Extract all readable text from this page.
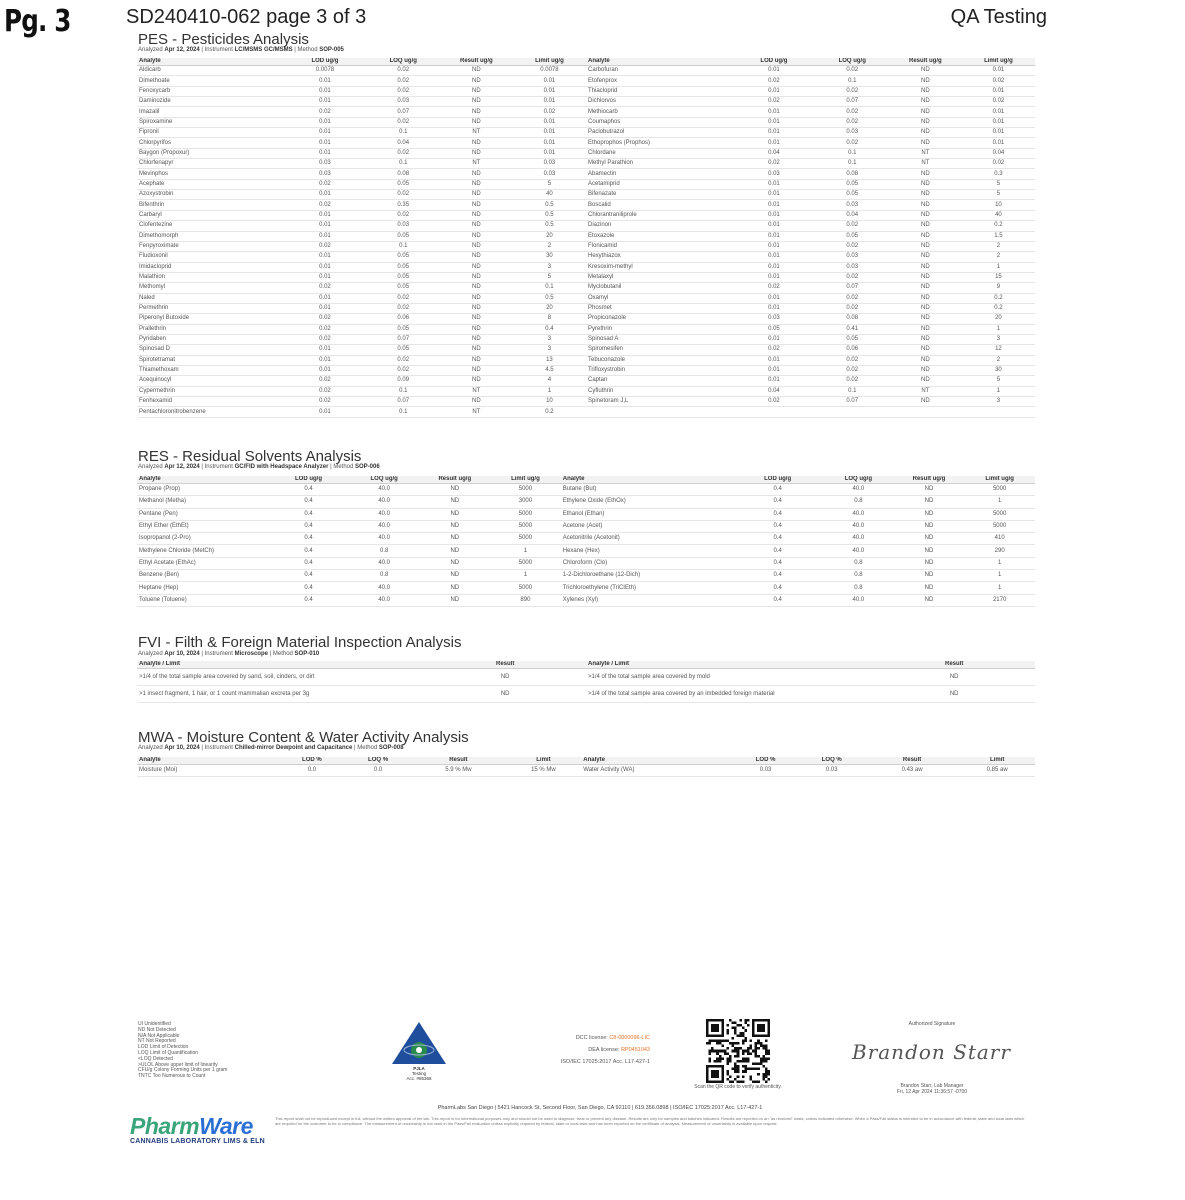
Pg. 3	SD240410-062 page 3 of 3	QA Testing
PES - Pesticides Analysis
Analyzed Apr 12, 2024 | Instrument LC/MSMS GC/MSMS | Method SOP-005
Analyte	LOD ug/g	LOQ ug/g	Result ug/g	Limit ug/g	Analyte	LOD ug/g	LOQ ug/g	Result ug/g	Limit ug/g
Aldicarb	0.0078	0.02	ND	0.0078	Carbofuran	0.01	0.02	ND	0.01
Dimethoate	0.01	0.02	ND	0.01	Etofenprox	0.02	0.1	ND	0.02
Fenoxycarb	0.01	0.02	ND	0.01	Thiacloprid	0.01	0.02	ND	0.01
Daminozide	0.01	0.03	ND	0.01	Dichlorvos	0.02	0.07	ND	0.02
Imazalil	0.02	0.07	ND	0.02	Methiocarb	0.01	0.02	ND	0.01
Spiroxamine	0.01	0.02	ND	0.01	Coumaphos	0.01	0.02	ND	0.01
Fipronil	0.01	0.1	NT	0.01	Paclobutrazol	0.01	0.03	ND	0.01
Chlorpyrifos	0.01	0.04	ND	0.01	Ethoprophos (Prophos)	0.01	0.02	ND	0.01
Baygon (Propoxur)	0.01	0.02	ND	0.01	Chlordane	0.04	0.1	NT	0.04
Chlorfenapyr	0.03	0.1	NT	0.03	Methyl Parathion	0.02	0.1	NT	0.02
Mevinphos	0.03	0.08	ND	0.03	Abamectin	0.03	0.08	ND	0.3
Acephate	0.02	0.05	ND	5	Acetamiprid	0.01	0.05	ND	5
Azoxystrobin	0.01	0.02	ND	40	Bifenazate	0.01	0.05	ND	5
Bifenthrin	0.02	0.35	ND	0.5	Boscalid	0.01	0.03	ND	10
Carbaryl	0.01	0.02	ND	0.5	Chlorantraniliprole	0.01	0.04	ND	40
Clofentezine	0.01	0.03	ND	0.5	Diazinon	0.01	0.02	ND	0.2
Dimethomorph	0.01	0.05	ND	20	Etoxazole	0.01	0.05	ND	1.5
Fenpyroximate	0.02	0.1	ND	2	Flonicamid	0.01	0.02	ND	2
Fludioxonil	0.01	0.05	ND	30	Hexythiazox	0.01	0.03	ND	2
Imidacloprid	0.01	0.05	ND	3	Kresoxim-methyl	0.01	0.03	ND	1
Malathion	0.01	0.05	ND	5	Metalaxyl	0.01	0.02	ND	15
Methomyl	0.02	0.05	ND	0.1	Myclobutanil	0.02	0.07	ND	9
Naled	0.01	0.02	ND	0.5	Oxamyl	0.01	0.02	ND	0.2
Permethrin	0.01	0.02	ND	20	Phosmet	0.01	0.02	ND	0.2
Piperonyl Butoxide	0.02	0.06	ND	8	Propiconazole	0.03	0.08	ND	20
Prallethrin	0.02	0.05	ND	0.4	Pyrethrin	0.05	0.41	ND	1
Pyridaben	0.02	0.07	ND	3	Spinosad A	0.01	0.05	ND	3
Spinosad D	0.01	0.05	ND	3	Spiromesifen	0.02	0.06	ND	12
Spirotetramat	0.01	0.02	ND	13	Tebuconazole	0.01	0.02	ND	2
Thiamethoxam	0.01	0.02	ND	4.5	Trifloxystrobin	0.01	0.02	ND	30
Acequinocyl	0.02	0.09	ND	4	Captan	0.01	0.02	ND	5
Cypermethrin	0.02	0.1	NT	1	Cyfluthrin	0.04	0.1	NT	1
Fenhexamid	0.02	0.07	ND	10	Spinetoram J,L	0.02	0.07	ND	3
Pentachloronitrobenzene	0.01	0.1	NT	0.2					
RES - Residual Solvents Analysis
Analyzed Apr 12, 2024 | Instrument GC/FID with Headspace Analyzer | Method SOP-006
Analyte	LOD ug/g	LOQ ug/g	Result ug/g	Limit ug/g	Analyte	LOD ug/g	LOQ ug/g	Result ug/g	Limit ug/g
Propane (Prop)	0.4	40.0	ND	5000	Butane (But)	0.4	40.0	ND	5000
Methanol (Metha)	0.4	40.0	ND	3000	Ethylene Oxide (EthOx)	0.4	0.8	ND	1
Pentane (Pen)	0.4	40.0	ND	5000	Ethanol (Ethan)	0.4	40.0	ND	5000
Ethyl Ether (EthEt)	0.4	40.0	ND	5000	Acetone (Acet)	0.4	40.0	ND	5000
Isopropanol (2-Pro)	0.4	40.0	ND	5000	Acetonitrile (Acetonit)	0.4	40.0	ND	410
Methylene Chloride (MetCh)	0.4	0.8	ND	1	Hexane (Hex)	0.4	40.0	ND	290
Ethyl Acetate (EthAc)	0.4	40.0	ND	5000	Chloroform (Clo)	0.4	0.8	ND	1
Benzene (Ben)	0.4	0.8	ND	1	1-2-Dichloroethane (12-Dich)	0.4	0.8	ND	1
Heptane (Hep)	0.4	40.0	ND	5000	Trichloroethylene (TriCIEth)	0.4	0.8	ND	1
Toluene (Toluene)	0.4	40.0	ND	890	Xylenes (Xyl)	0.4	40.0	ND	2170
FVI - Filth & Foreign Material Inspection Analysis
Analyzed Apr 10, 2024 | Instrument Microscope | Method SOP-010
Analyte / Limit	Result	Analyte / Limit	Result
>1/4 of the total sample area covered by sand, soil, cinders, or dirt	ND	>1/4 of the total sample area covered by mold	ND
>1 insect fragment, 1 hair, or 1 count mammalian excreta per 3g	ND	>1/4 of the total sample area covered by an imbedded foreign material	ND
MWA - Moisture Content & Water Activity Analysis
Analyzed Apr 10, 2024 | Instrument Chilled-mirror Dewpoint and Capacitance | Method SOP-008
Analyte	LOD %	LOQ %	Result	Limit	Analyte	LOD %	LOQ %	Result	Limit
Moisture (Moi)	0.0	0.0	5.9 % Mw	15 % Mw	Water Activity (WA)	0.03	0.03	0.43 aw	0.85 aw
UI Unidentified
ND Not Detected
N/A Not Applicable
NT Not Reported
LOD Limit of Detection
LOQ Limit of Quantification
<LOQ Detected
>ULOL Above upper limit of linearity
CFU/g Colony Forming Units per 1 gram
TNTC Too Numerous to Count
PJLA
Testing
Acc. #85368
DCC license: C8-0000096-LIC
DEA license: RP0451043
ISO/IEC 17025:2017 Acc. L17-427-1
Scan the QR code to verify authenticity.
Authorized Signature
Brandon Starr
Brandon Starr, Lab Manager
Fri, 12 Apr 2024 11:36:57 -0700
PharmLabs San Diego | 5421 Hancock St, Second Floor, San Diego, CA 92110 | 619.356.0898 | ISO/IEC 17025:2017 Acc. L17-427-1
This report shall not be reproduced except in full, without the written approval of the lab. This report is for informational purposes only and should not be used to diagnose, treat or prevent any disease. Results are only for samples and batches indicated. Results are reported on an "as received" basis, unless indicated otherwise. When a Pass/Fail status is intended to be in accordance with federal, state and local laws which are required for the customer to be in compliance. The measurement of uncertainty is not used in the Pass/Fail evaluation unless explicitly required by federal, state or local laws and has been reported on the certificate of analysis. Measurement of uncertainty is available upon request.
PharmWare
CANNABIS LABORATORY LIMS & ELN
